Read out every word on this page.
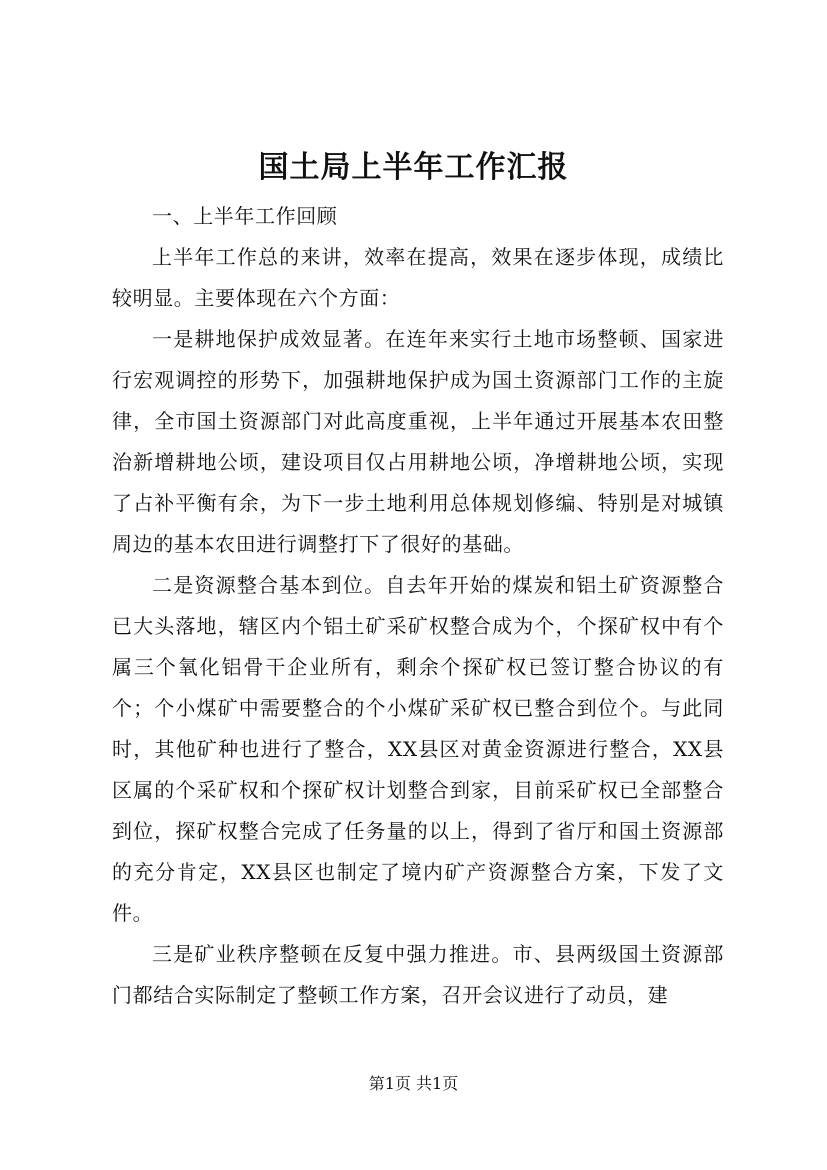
国土局上半年工作汇报

一、上半年工作回顾

上半年工作总的来讲，效率在提高，效果在逐步体现，成绩比较明显。主要体现在六个方面：

一是耕地保护成效显著。在连年来实行土地市场整顿、国家进行宏观调控的形势下，加强耕地保护成为国土资源部门工作的主旋律，全市国土资源部门对此高度重视，上半年通过开展基本农田整治新增耕地公顷，建设项目仅占用耕地公顷，净增耕地公顷，实现了占补平衡有余，为下一步土地利用总体规划修编、特别是对城镇周边的基本农田进行调整打下了很好的基础。

二是资源整合基本到位。自去年开始的煤炭和铝土矿资源整合已大头落地，辖区内个铝土矿采矿权整合成为个，个探矿权中有个属三个氧化铝骨干企业所有，剩余个探矿权已签订整合协议的有个；个小煤矿中需要整合的个小煤矿采矿权已整合到位个。与此同时，其他矿种也进行了整合，XX县区对黄金资源进行整合，XX县区属的个采矿权和个探矿权计划整合到家，目前采矿权已全部整合到位，探矿权整合完成了任务量的以上，得到了省厅和国土资源部的充分肯定，XX县区也制定了境内矿产资源整合方案，下发了文件。

三是矿业秩序整顿在反复中强力推进。市、县两级国土资源部门都结合实际制定了整顿工作方案，召开会议进行了动员，建

第1页 共1页
